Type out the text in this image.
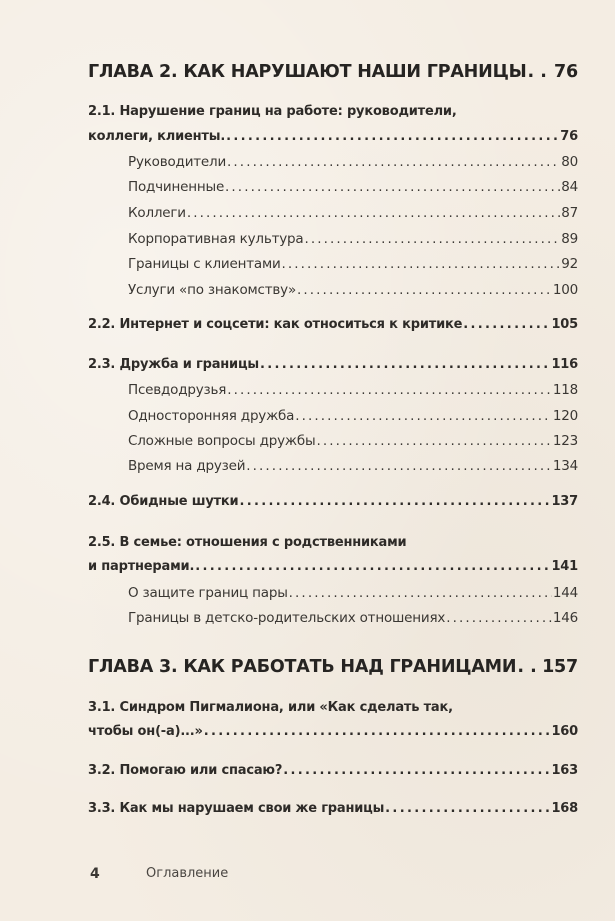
ГЛАВА 2. КАК НАРУШАЮТ НАШИ ГРАНИЦЫ . . . 76
2.1. Нарушение границ на работе: руководители,
коллеги, клиенты. . . .	76
Руководители . . .	80
Подчиненные . . .	84
Коллеги . . .	87
Корпоративная культура . . .	89
Границы с клиентами . . .	92
Услуги «по знакомству» . . .	100
2.2. Интернет и соцсети: как относиться к критике . . .	105
2.3. Дружба и границы . . .	116
Псевдодрузья . . .	118
Односторонняя дружба . . .	120
Сложные вопросы дружбы . . .	123
Время на друзей . . .	134
2.4. Обидные шутки . . .	137
2.5. В семье: отношения с родственниками
и партнерами. . . .	141
О защите границ пары . . .	144
Границы в детско-родительских отношениях . . .	146
ГЛАВА 3. КАК РАБОТАТЬ НАД ГРАНИЦАМИ . . . 157
3.1. Синдром Пигмалиона, или «Как сделать так,
чтобы он(-а)...» . . .	160
3.2. Помогаю или спасаю? . . .	163
3.3. Как мы нарушаем свои же границы . . .	168
4	Оглавление
